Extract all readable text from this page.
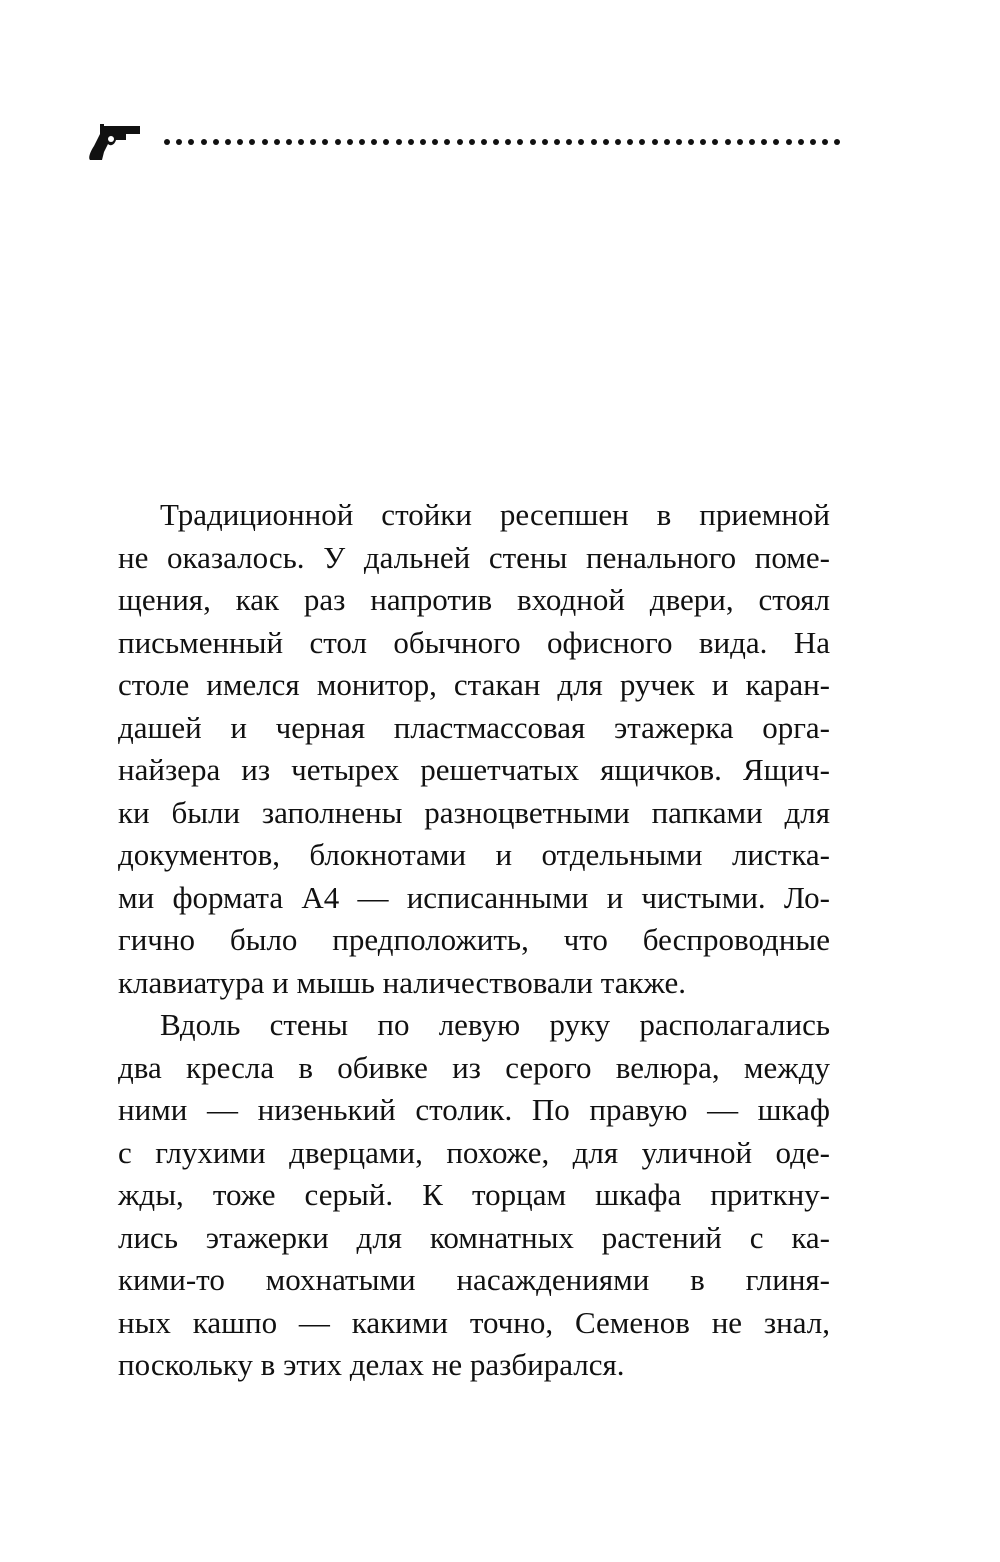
Традиционной стойки ресепшен в приемной
не оказалось. У дальней стены пенального поме-
щения, как раз напротив входной двери, стоял
письменный стол обычного офисного вида. На
столе имелся монитор, стакан для ручек и каран-
дашей и черная пластмассовая этажерка орга-
найзера из четырех решетчатых ящичков. Ящич-
ки были заполнены разноцветными папками для
документов, блокнотами и отдельными листка-
ми формата А4 — исписанными и чистыми. Ло-
гично было предположить, что беспроводные
клавиатура и мышь наличествовали также.
Вдоль стены по левую руку располагались
два кресла в обивке из серого велюра, между
ними — низенький столик. По правую — шкаф
с глухими дверцами, похоже, для уличной оде-
жды, тоже серый. К торцам шкафа приткну-
лись этажерки для комнатных растений с ка-
кими-то мохнатыми насаждениями в глиня-
ных кашпо — какими точно, Семенов не знал,
поскольку в этих делах не разбирался.
